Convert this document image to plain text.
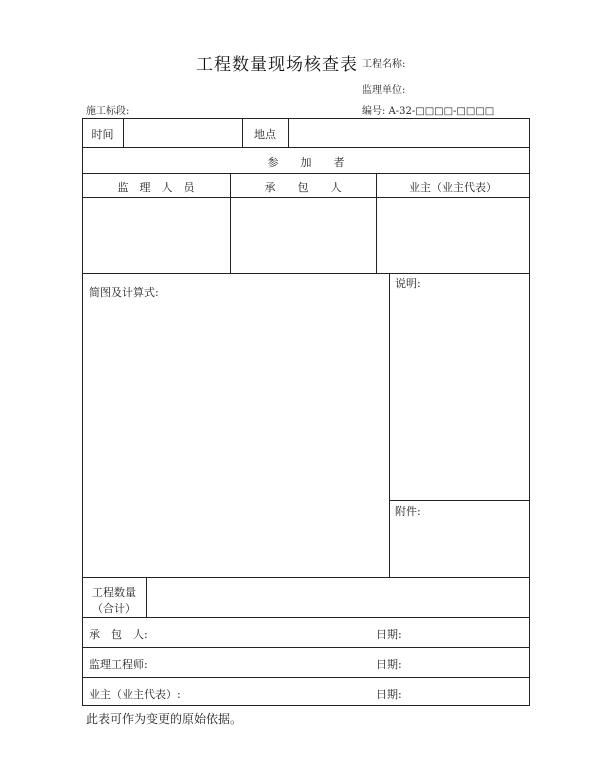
工程数量现场核查表 工程名称:
监理单位:
施工标段:	编号: A-32-□□□□-□□□□
时间	地点
参　　加　　者
监　理　人　员	承　　包　　人	业主（业主代表）
简图及计算式:
说明:
附件:
工程数量
（合计）
承　包　人:	日期:
监理工程师:	日期:
业主（业主代表）:	日期:
此表可作为变更的原始依据。
